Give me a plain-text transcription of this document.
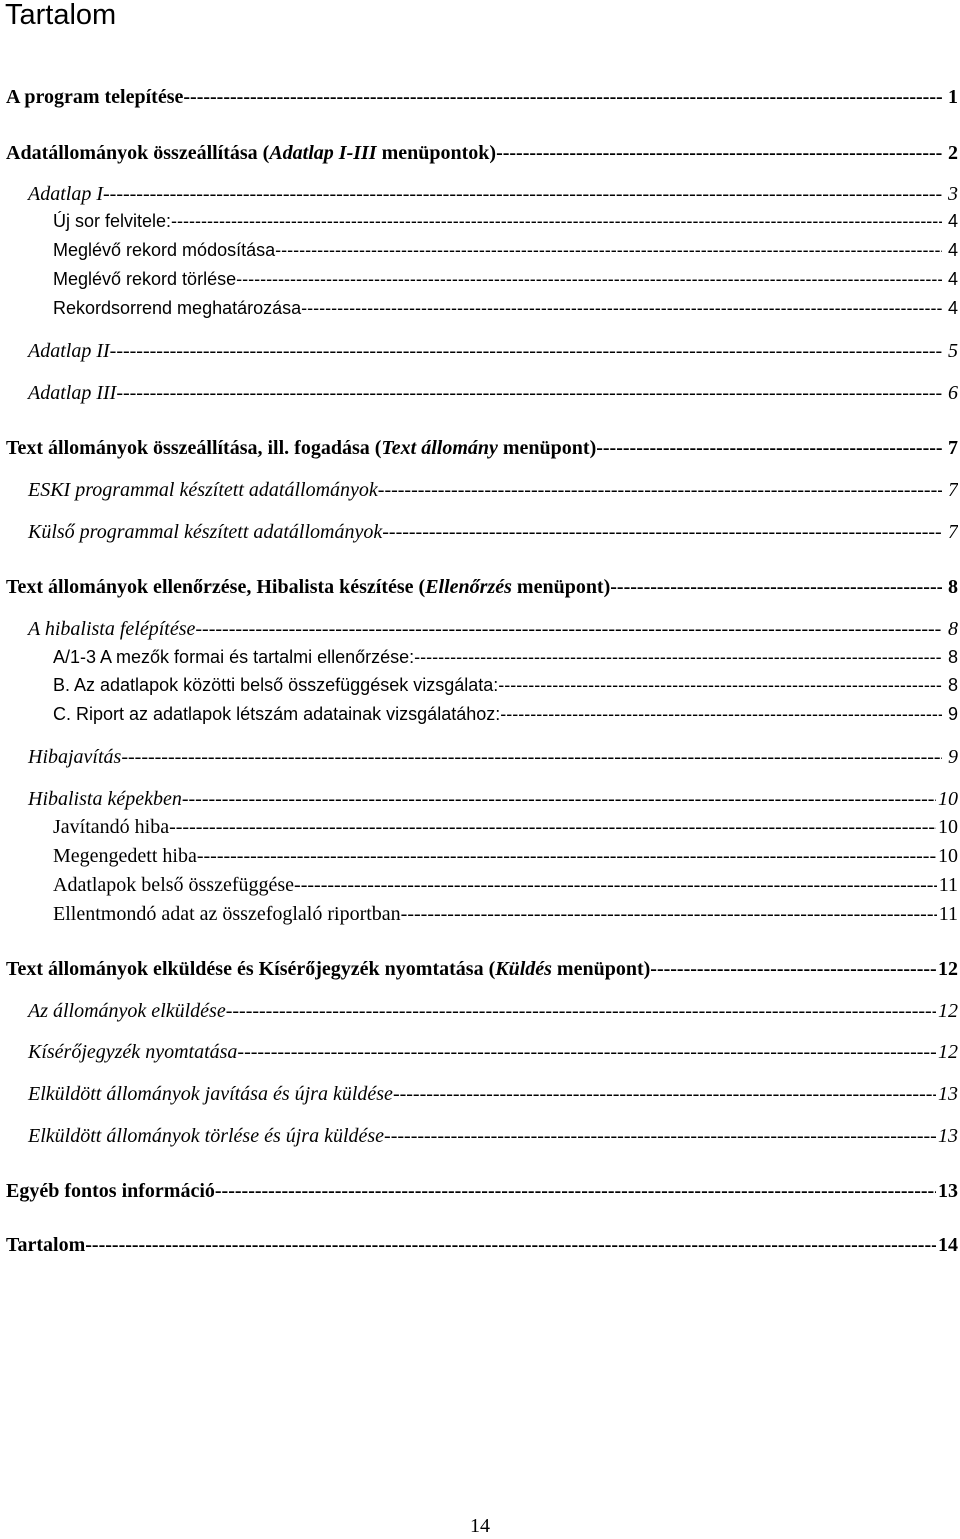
Tartalom
A program telepítése -----	1
Adatállományok összeállítása (Adatlap I-III menüpontok) -----	2
Adatlap I -----	3
Új sor felvitele: -----	4
Meglévő rekord módosítása -----	4
Meglévő rekord törlése -----	4
Rekordsorrend meghatározása -----	4
Adatlap II -----	5
Adatlap III -----	6
Text állományok összeállítása, ill. fogadása (Text állomány menüpont) -----	7
ESKI programmal készített adatállományok -----	7
Külső programmal készített adatállományok -----	7
Text állományok ellenőrzése, Hibalista készítése (Ellenőrzés menüpont) -----	8
A hibalista felépítése -----	8
A/1-3 A mezők formai és tartalmi ellenőrzése: -----	8
B. Az adatlapok közötti belső összefüggések vizsgálata: -----	8
C. Riport az adatlapok létszám adatainak vizsgálatához: -----	9
Hibajavítás -----	9
Hibalista képekben -----	10
Javítandó hiba -----	10
Megengedett hiba -----	10
Adatlapok belső összefüggése -----	11
Ellentmondó adat az összefoglaló riportban -----	11
Text állományok elküldése és Kísérőjegyzék nyomtatása (Küldés menüpont) -----	12
Az állományok elküldése -----	12
Kísérőjegyzék nyomtatása -----	12
Elküldött állományok javítása és újra küldése -----	13
Elküldött állományok törlése és újra küldése -----	13
Egyéb fontos információ -----	13
Tartalom -----	14
14
